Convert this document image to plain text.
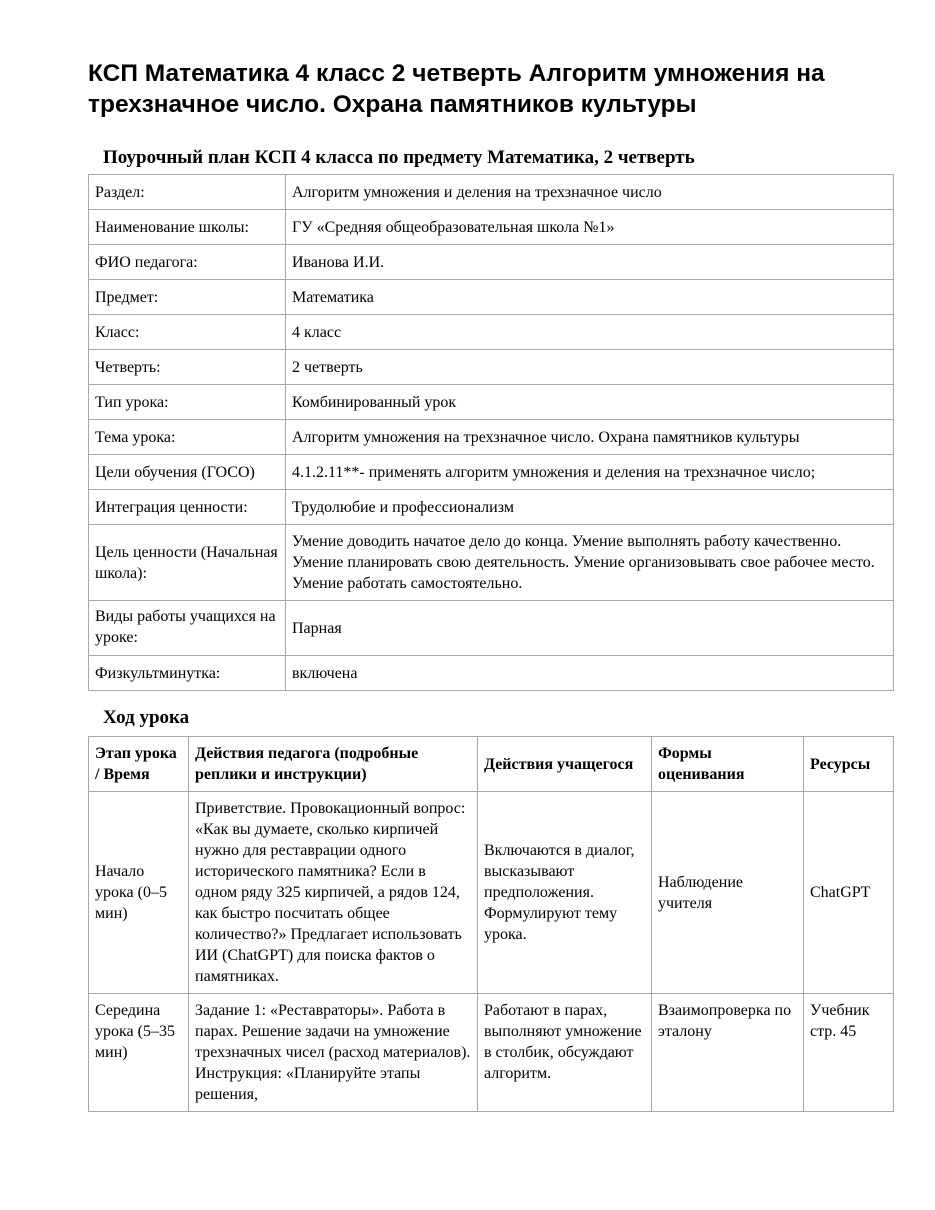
КСП Математика 4 класс 2 четверть Алгоритм умножения на трехзначное число. Охрана памятников культуры
Поурочный план КСП 4 класса по предмету Математика, 2 четверть
Раздел:	Алгоритм умножения и деления на трехзначное число
Наименование школы:	ГУ «Средняя общеобразовательная школа №1»
ФИО педагога:	Иванова И.И.
Предмет:	Математика
Класс:	4 класс
Четверть:	2 четверть
Тип урока:	Комбинированный урок
Тема урока:	Алгоритм умножения на трехзначное число. Охрана памятников культуры
Цели обучения (ГОСО)	4.1.2.11**- применять алгоритм умножения и деления на трехзначное число;
Интеграция ценности:	Трудолюбие и профессионализм
Цель ценности (Начальная школа):	Умение доводить начатое дело до конца. Умение выполнять работу качественно. Умение планировать свою деятельность. Умение организовывать свое рабочее место. Умение работать самостоятельно.
Виды работы учащихся на уроке:	Парная
Физкультминутка:	включена
Ход урока
Этап урока / Время	Действия педагога (подробные реплики и инструкции)	Действия учащегося	Формы оценивания	Ресурсы
Начало урока (0–5 мин)	Приветствие. Провокационный вопрос: «Как вы думаете, сколько кирпичей нужно для реставрации одного исторического памятника? Если в одном ряду 325 кирпичей, а рядов 124, как быстро посчитать общее количество?» Предлагает использовать ИИ (ChatGPT) для поиска фактов о памятниках.	Включаются в диалог, высказывают предположения. Формулируют тему урока.	Наблюдение учителя	ChatGPT
Середина урока (5–35 мин)	Задание 1: «Реставраторы». Работа в парах. Решение задачи на умножение трехзначных чисел (расход материалов). Инструкция: «Планируйте этапы решения,	Работают в парах, выполняют умножение в столбик, обсуждают алгоритм.	Взаимопроверка по эталону	Учебник стр. 45
